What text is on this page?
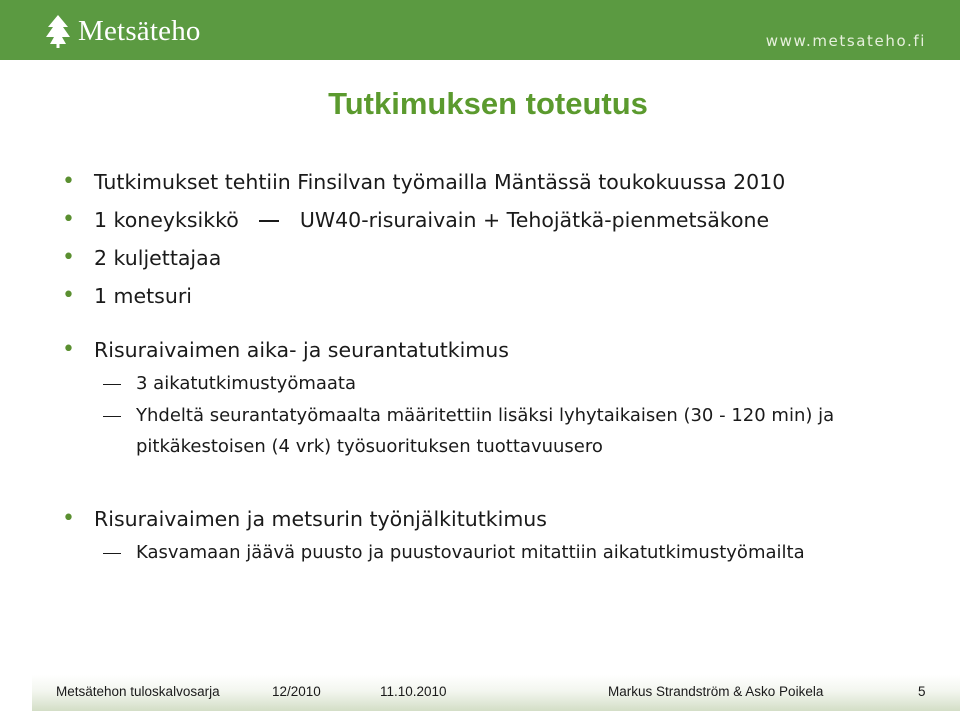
Metsäteho	www.metsateho.fi
Tutkimuksen toteutus
• Tutkimukset tehtiin Finsilvan työmailla Mäntässä toukokuussa 2010
• 1 koneyksikkö	UW40-risuraivain + Tehojätkä-pienmetsäkone
• 2 kuljettajaa
• 1 metsuri
• Risuraivaimen aika- ja seurantatutkimus
3 aikatutkimustyömaata
Yhdeltä seurantatyömaalta määritettiin lisäksi lyhytaikaisen (30 - 120 min) ja
pitkäkestoisen (4 vrk) työsuorituksen tuottavuusero
• Risuraivaimen ja metsurin työnjälkitutkimus
Kasvamaan jäävä puusto ja puustovauriot mitattiin aikatutkimustyömailta
Metsätehon tuloskalvosarja	12/2010	11.10.2010	Markus Strandström & Asko Poikela	5
